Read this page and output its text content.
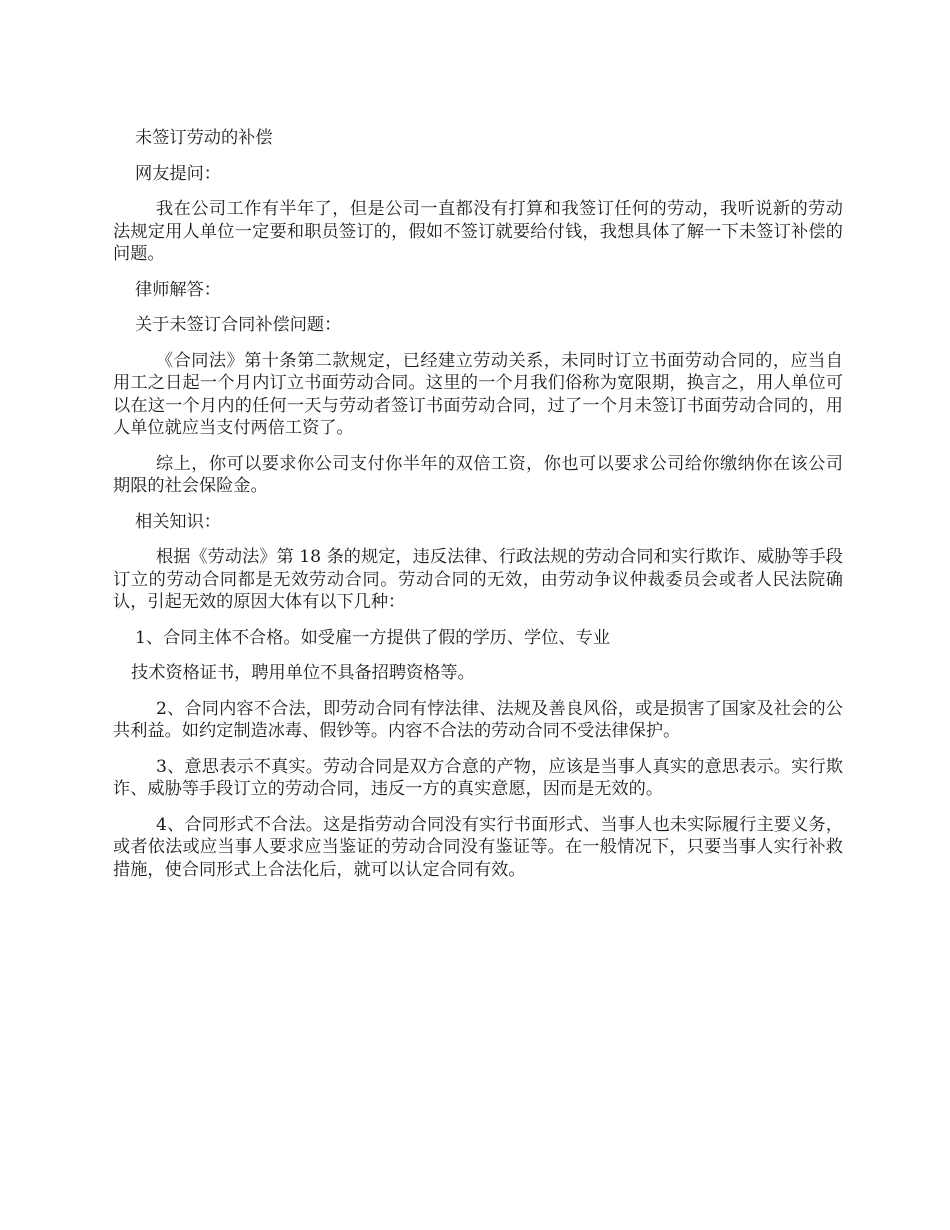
未签订劳动的补偿

网友提问：

我在公司工作有半年了，但是公司一直都没有打算和我签订任何的劳动，我听说新的劳动法规定用人单位一定要和职员签订的，假如不签订就要给付钱，我想具体了解一下未签订补偿的问题。

律师解答：

关于未签订合同补偿问题：

《合同法》第十条第二款规定，已经建立劳动关系，未同时订立书面劳动合同的，应当自用工之日起一个月内订立书面劳动合同。这里的一个月我们俗称为宽限期，换言之，用人单位可以在这一个月内的任何一天与劳动者签订书面劳动合同，过了一个月未签订书面劳动合同的，用人单位就应当支付两倍工资了。

综上，你可以要求你公司支付你半年的双倍工资，你也可以要求公司给你缴纳你在该公司期限的社会保险金。

相关知识：

根据《劳动法》第 18 条的规定，违反法律、行政法规的劳动合同和实行欺诈、威胁等手段订立的劳动合同都是无效劳动合同。劳动合同的无效，由劳动争议仲裁委员会或者人民法院确认，引起无效的原因大体有以下几种：

1、合同主体不合格。如受雇一方提供了假的学历、学位、专业

技术资格证书，聘用单位不具备招聘资格等。

2、合同内容不合法，即劳动合同有悖法律、法规及善良风俗，或是损害了国家及社会的公共利益。如约定制造冰毒、假钞等。内容不合法的劳动合同不受法律保护。

3、意思表示不真实。劳动合同是双方合意的产物，应该是当事人真实的意思表示。实行欺诈、威胁等手段订立的劳动合同，违反一方的真实意愿，因而是无效的。

4、合同形式不合法。这是指劳动合同没有实行书面形式、当事人也未实际履行主要义务，或者依法或应当事人要求应当鉴证的劳动合同没有鉴证等。在一般情况下，只要当事人实行补救措施，使合同形式上合法化后，就可以认定合同有效。
